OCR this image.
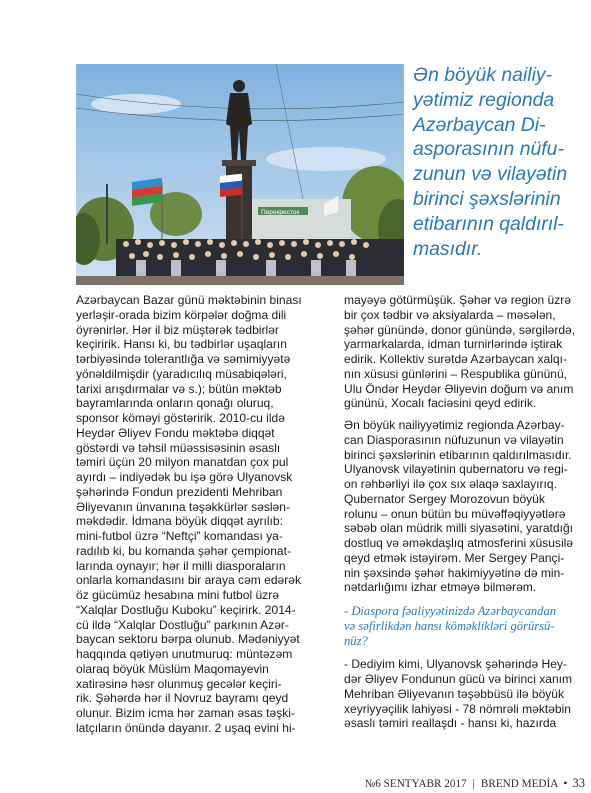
Перекресток

Ən böyük nailiy-
yətimiz regionda
Azərbaycan Di-
asporasının nüfu-
zunun və vilayətin
birinci şəxslərinin
etibarının qaldırıl-
masıdır.

Azərbaycan Bazar günü məktəbinin binası
yerləşir-orada bizim körpələr doğma dili
öyrənirlər. Hər il biz müştərək tədbirlər
keçiririk. Hansı ki, bu tədbirlər uşaqların
tərbiyəsində tolerantlığa və səmimiyyətə
yönəldilmişdir (yaradıcılıq müsabiqələri,
tarixi arışdırmalar və s.); bütün məktəb
bayramlarında onların qonağı oluruq,
sponsor köməyi göstəririk. 2010-cu ildə
Heydər Əliyev Fondu məktəbə diqqət
göstərdi və təhsil müəssisəsinin əsaslı
təmiri üçün 20 milyon manatdan çox pul
ayırdı – indiyədək bu işə görə Ulyanovsk
şəhərində Fondun prezidenti Mehriban
Əliyevanın ünvanına təşəkkürlər səslən-
məkdədir. İdmana böyük diqqət ayrılıb:
mini-futbol üzrə “Neftçi” komandası ya-
radılıb ki, bu komanda şəhər çempionat-
larında oynayır; hər il milli diasporaların
onlarla komandasını bir araya cəm edərək
öz gücümüz hesabına mini futbol üzrə
“Xalqlar Dostluğu Kuboku” keçirirk. 2014-
cü ildə “Xalqlar Dostluğu” parkının Azər-
baycan sektoru bərpa olunub. Mədəniyyət
haqqında qətiyən unutmuruq: müntəzəm
olaraq böyük Müslüm Maqomayevin
xatirəsinə həsr olunmuş gecələr keçiri-
rik. Şəhərdə hər il Novruz bayramı qeyd
olunur. Bizim icma hər zaman əsas təşki-
latçıların önündə dayanır. 2 uşaq evini hi-

mayəyə götürmüşük. Şəhər və region üzrə
bir çox tədbir və aksiyalarda – məsələn,
şəhər günündə, donor günündə, sərgilərdə,
yarmarkalarda, idman turnirlərində iştirak
edirik. Kollektiv surətdə Azərbaycan xalqı-
nın xüsusi günlərini – Respublika gününü,
Ulu Öndər Heydər Əliyevin doğum və anım
gününü, Xocalı faciəsini qeyd edirik.

Ən böyük nailiyyətimiz regionda Azərbay-
can Diasporasının nüfuzunun və vilayətin
birinci şəxslərinin etibarının qaldırılmasıdır.
Ulyanovsk vilayətinin qubernatoru və regi-
on rəhbərliyi ilə çox sıx əlaqə saxlayırıq.
Qubernator Sergey Morozovun böyük
rolunu – onun bütün bu müvəffəqiyyətlərə
səbəb olan müdrik milli siyasətini, yaratdığı
dostluq və əməkdaşlıq atmosferini xüsusilə
qeyd etmək istəyirəm. Mer Sergey Pançi-
nin şəxsində şəhər hakimiyyətinə də min-
nətdarlığımı izhar etməyə bilmərəm.

- Diaspora fəaliyyətinizdə Azərbaycandan
və səfirlikdən hansı köməklikləri görürsü-
nüz?

- Dediyim kimi, Ulyanovsk şəhərində Hey-
dər Əliyev Fondunun gücü və birinci xanım
Mehriban Əliyevanın təşəbbüsü ilə böyük
xeyriyyəçilik lahiyəsi - 78 nömrəli məktəbin
əsaslı təmiri reallaşdı - hansı ki, hazırda

№6 SENTYABR 2017 | BREND MEDİA • 33
